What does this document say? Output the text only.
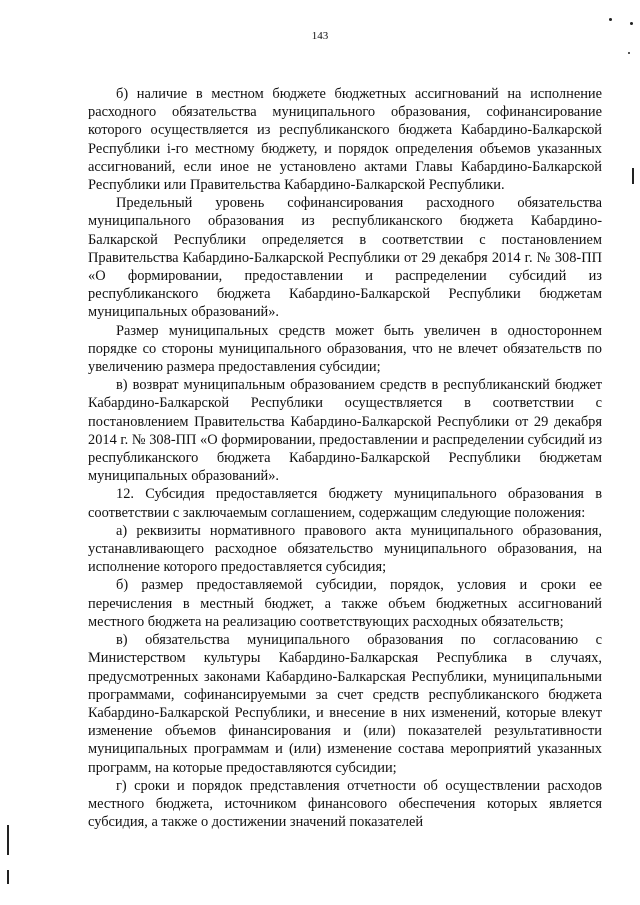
143

б) наличие в местном бюджете бюджетных ассигнований на исполнение расходного обязательства муниципального образования, софинансирование которого осуществляется из республиканского бюджета Кабардино-Балкарской Республики i-го местному бюджету, и порядок определения объемов указанных ассигнований, если иное не установлено актами Главы Кабардино-Балкарской Республики или Правительства Кабардино-Балкарской Республики.

Предельный уровень софинансирования расходного обязательства муниципального образования из республиканского бюджета Кабардино-Балкарской Республики определяется в соответствии с постановлением Правительства Кабардино-Балкарской Республики от 29 декабря 2014 г. № 308-ПП «О формировании, предоставлении и распределении субсидий из республиканского бюджета Кабардино-Балкарской Республики бюджетам муниципальных образований».

Размер муниципальных средств может быть увеличен в одностороннем порядке со стороны муниципального образования, что не влечет обязательств по увеличению размера предоставления субсидии;

в) возврат муниципальным образованием средств в республиканский бюджет Кабардино-Балкарской Республики осуществляется в соответствии с постановлением Правительства Кабардино-Балкарской Республики от 29 декабря 2014 г. № 308-ПП «О формировании, предоставлении и распределении субсидий из республиканского бюджета Кабардино-Балкарской Республики бюджетам муниципальных образований».

12. Субсидия предоставляется бюджету муниципального образования в соответствии с заключаемым соглашением, содержащим следующие положения:

а) реквизиты нормативного правового акта муниципального образования, устанавливающего расходное обязательство муниципального образования, на исполнение которого предоставляется субсидия;

б) размер предоставляемой субсидии, порядок, условия и сроки ее перечисления в местный бюджет, а также объем бюджетных ассигнований местного бюджета на реализацию соответствующих расходных обязательств;

в) обязательства муниципального образования по согласованию с Министерством культуры Кабардино-Балкарская Республика в случаях, предусмотренных законами Кабардино-Балкарская Республики, муниципальными программами, софинансируемыми за счет средств республиканского бюджета Кабардино-Балкарской Республики, и внесение в них изменений, которые влекут изменение объемов финансирования и (или) показателей результативности муниципальных программам и (или) изменение состава мероприятий указанных программ, на которые предоставляются субсидии;

г) сроки и порядок представления отчетности об осуществлении расходов местного бюджета, источником финансового обеспечения которых является субсидия, а также о достижении значений показателей
